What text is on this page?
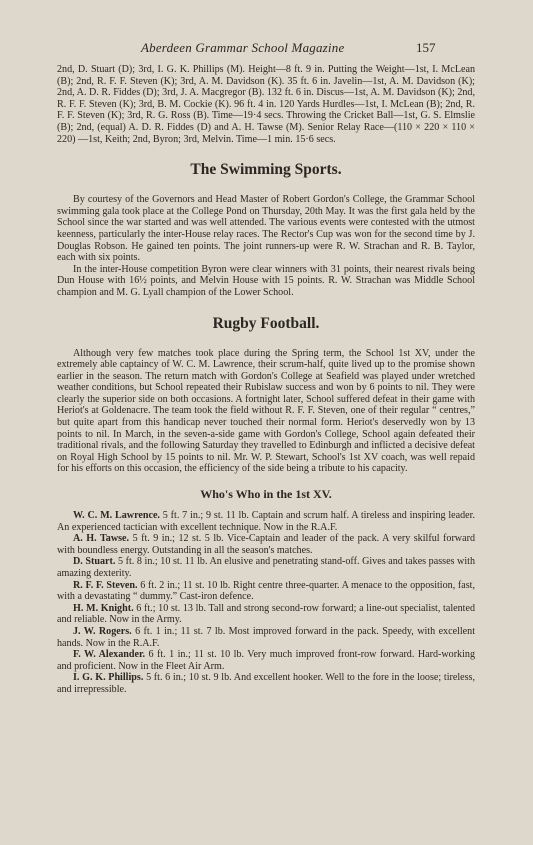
Aberdeen Grammar School Magazine	157

2nd, D. Stuart (D); 3rd, I. G. K. Phillips (M). Height—8 ft. 9 in. Putting the Weight—1st, I. McLean (B); 2nd, R. F. F. Steven (K); 3rd, A. M. Davidson (K). 35 ft. 6 in. Javelin—1st, A. M. Davidson (K); 2nd, A. D. R. Fiddes (D); 3rd, J. A. Macgregor (B). 132 ft. 6 in. Discus—1st, A. M. Davidson (K); 2nd, R. F. F. Steven (K); 3rd, B. M. Cockie (K). 96 ft. 4 in. 120 Yards Hurdles—1st, I. McLean (B); 2nd, R. F. F. Steven (K); 3rd, R. G. Ross (B). Time—19·4 secs. Throwing the Cricket Ball—1st, G. S. Elmslie (B); 2nd, (equal) A. D. R. Fiddes (D) and A. H. Tawse (M). Senior Relay Race—(110 × 220 × 110 × 220) —1st, Keith; 2nd, Byron; 3rd, Melvin. Time—1 min. 15·6 secs.

The Swimming Sports.

By courtesy of the Governors and Head Master of Robert Gordon's College, the Grammar School swimming gala took place at the College Pond on Thursday, 20th May. It was the first gala held by the School since the war started and was well attended. The various events were contested with the utmost keenness, particularly the inter-House relay races. The Rector's Cup was won for the second time by J. Douglas Robson. He gained ten points. The joint runners-up were R. W. Strachan and R. B. Taylor, each with six points.

In the inter-House competition Byron were clear winners with 31 points, their nearest rivals being Dun House with 16½ points, and Melvin House with 15 points. R. W. Strachan was Middle School champion and M. G. Lyall champion of the Lower School.

Rugby Football.

Although very few matches took place during the Spring term, the School 1st XV, under the extremely able captaincy of W. C. M. Lawrence, their scrum-half, quite lived up to the promise shown earlier in the season. The return match with Gordon's College at Seafield was played under wretched weather conditions, but School repeated their Rubislaw success and won by 6 points to nil. They were clearly the superior side on both occasions. A fortnight later, School suffered defeat in their game with Heriot's at Goldenacre. The team took the field without R. F. F. Steven, one of their regular “ centres,” but quite apart from this handicap never touched their normal form. Heriot's deservedly won by 13 points to nil. In March, in the seven-a-side game with Gordon's College, School again defeated their traditional rivals, and the following Saturday they travelled to Edinburgh and inflicted a decisive defeat on Royal High School by 15 points to nil. Mr. W. P. Stewart, School's 1st XV coach, was well repaid for his efforts on this occasion, the efficiency of the side being a tribute to his capacity.

Who's Who in the 1st XV.

W. C. M. Lawrence. 5 ft. 7 in.; 9 st. 11 lb. Captain and scrum half. A tireless and inspiring leader. An experienced tactician with excellent technique. Now in the R.A.F.

A. H. Tawse. 5 ft. 9 in.; 12 st. 5 lb. Vice-Captain and leader of the pack. A very skilful forward with boundless energy. Outstanding in all the season's matches.

D. Stuart. 5 ft. 8 in.; 10 st. 11 lb. An elusive and penetrating stand-off. Gives and takes passes with amazing dexterity.

R. F. F. Steven. 6 ft. 2 in.; 11 st. 10 lb. Right centre three-quarter. A menace to the opposition, fast, with a devastating “ dummy.” Cast-iron defence.

H. M. Knight. 6 ft.; 10 st. 13 lb. Tall and strong second-row forward; a line-out specialist, talented and reliable. Now in the Army.

J. W. Rogers. 6 ft. 1 in.; 11 st. 7 lb. Most improved forward in the pack. Speedy, with excellent hands. Now in the R.A.F.

F. W. Alexander. 6 ft. 1 in.; 11 st. 10 lb. Very much improved front-row forward. Hard-working and proficient. Now in the Fleet Air Arm.

I. G. K. Phillips. 5 ft. 6 in.; 10 st. 9 lb. And excellent hooker. Well to the fore in the loose; tireless, and irrepressible.
